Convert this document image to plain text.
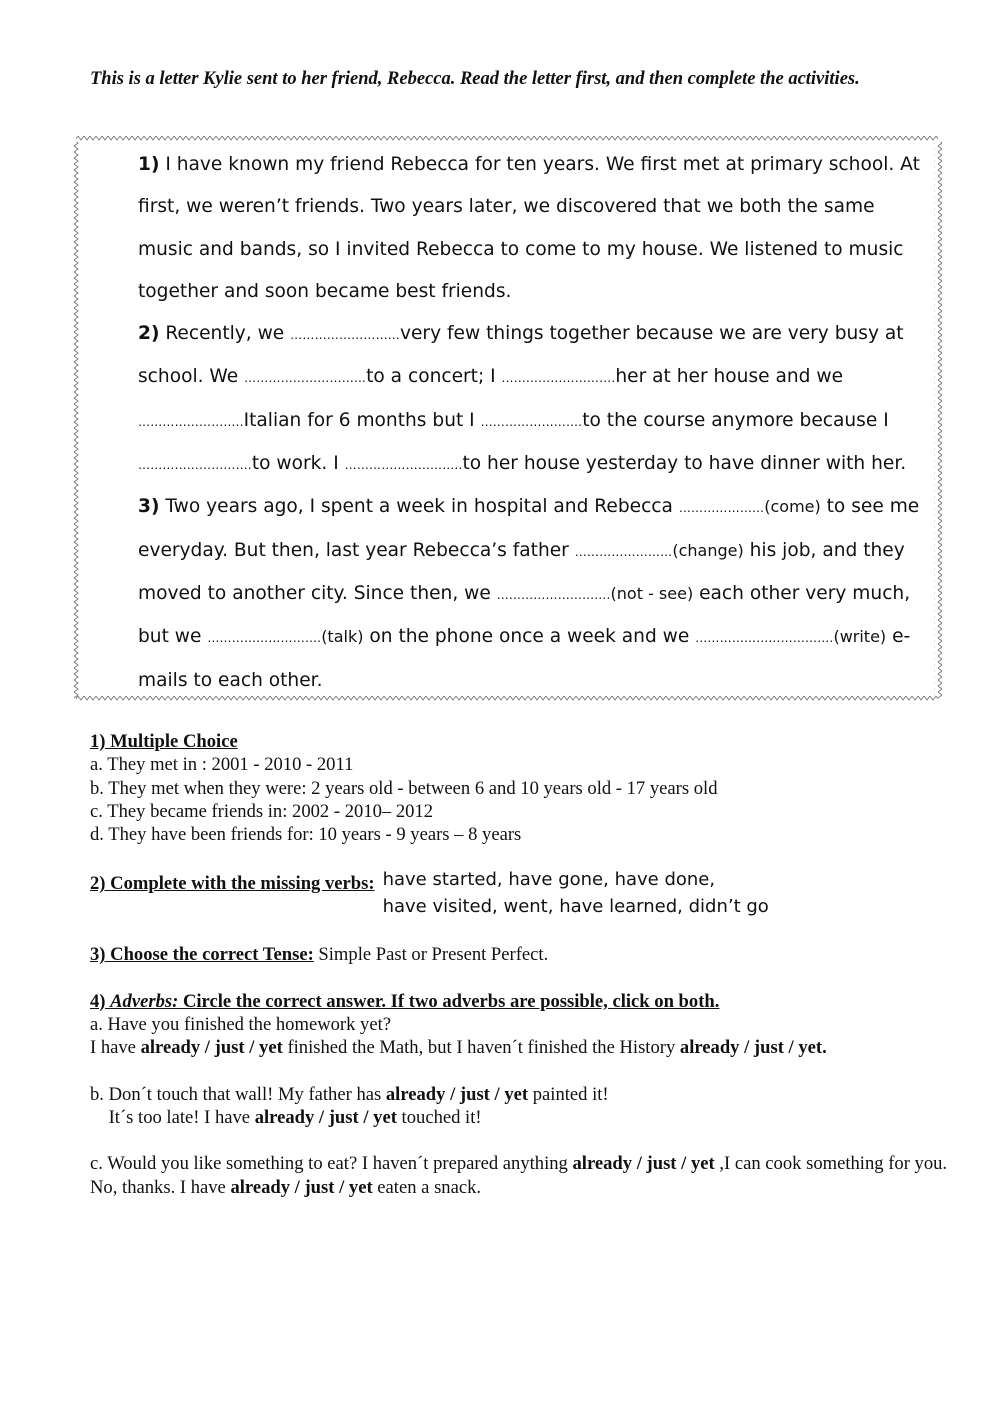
This is a letter Kylie sent to her friend, Rebecca. Read the letter first, and then complete the activities.

1) I have known my friend Rebecca for ten years. We first met at primary school. At first, we weren’t friends. Two years later, we discovered that we both the same music and bands, so I invited Rebecca to come to my house. We listened to music together and soon became best friends.

2) Recently, we ………………………very few things together because we are very busy at school. We …………………………to a concert; I ……………………….her at her house and we ……………………..Italian for 6 months but I …………………….to the course anymore because I ……………………….to work. I ………………………..to her house yesterday to have dinner with her.

3) Two years ago, I spent a week in hospital and Rebecca …………………(come) to see me everyday. But then, last year Rebecca’s father ……………………(change) his job, and they moved to another city. Since then, we ……………………….(not - see) each other very much, but we ……………………….(talk) on the phone once a week and we …………………………….(write) e-mails to each other.

1) Multiple Choice

a. They met in : 2001 - 2010 - 2011

b. They met when they were: 2 years old - between 6 and 10 years old - 17 years old

c. They became friends in: 2002 - 2010– 2012

d. They have been friends for: 10 years - 9 years – 8 years

2) Complete with the missing verbs: have started, have gone, have done,
have visited, went, have learned, didn’t go

3) Choose the correct Tense: Simple Past or Present Perfect.

4) Adverbs: Circle the correct answer. If two adverbs are possible, click on both.

a. Have you finished the homework yet?

I have already / just / yet finished the Math, but I haven´t finished the History already / just / yet.

b. Don´t touch that wall! My father has already / just / yet painted it!

It´s too late! I have already / just / yet touched it!

c. Would you like something to eat? I haven´t prepared anything already / just / yet ,I can cook something for you.

No, thanks. I have already / just / yet eaten a snack.
